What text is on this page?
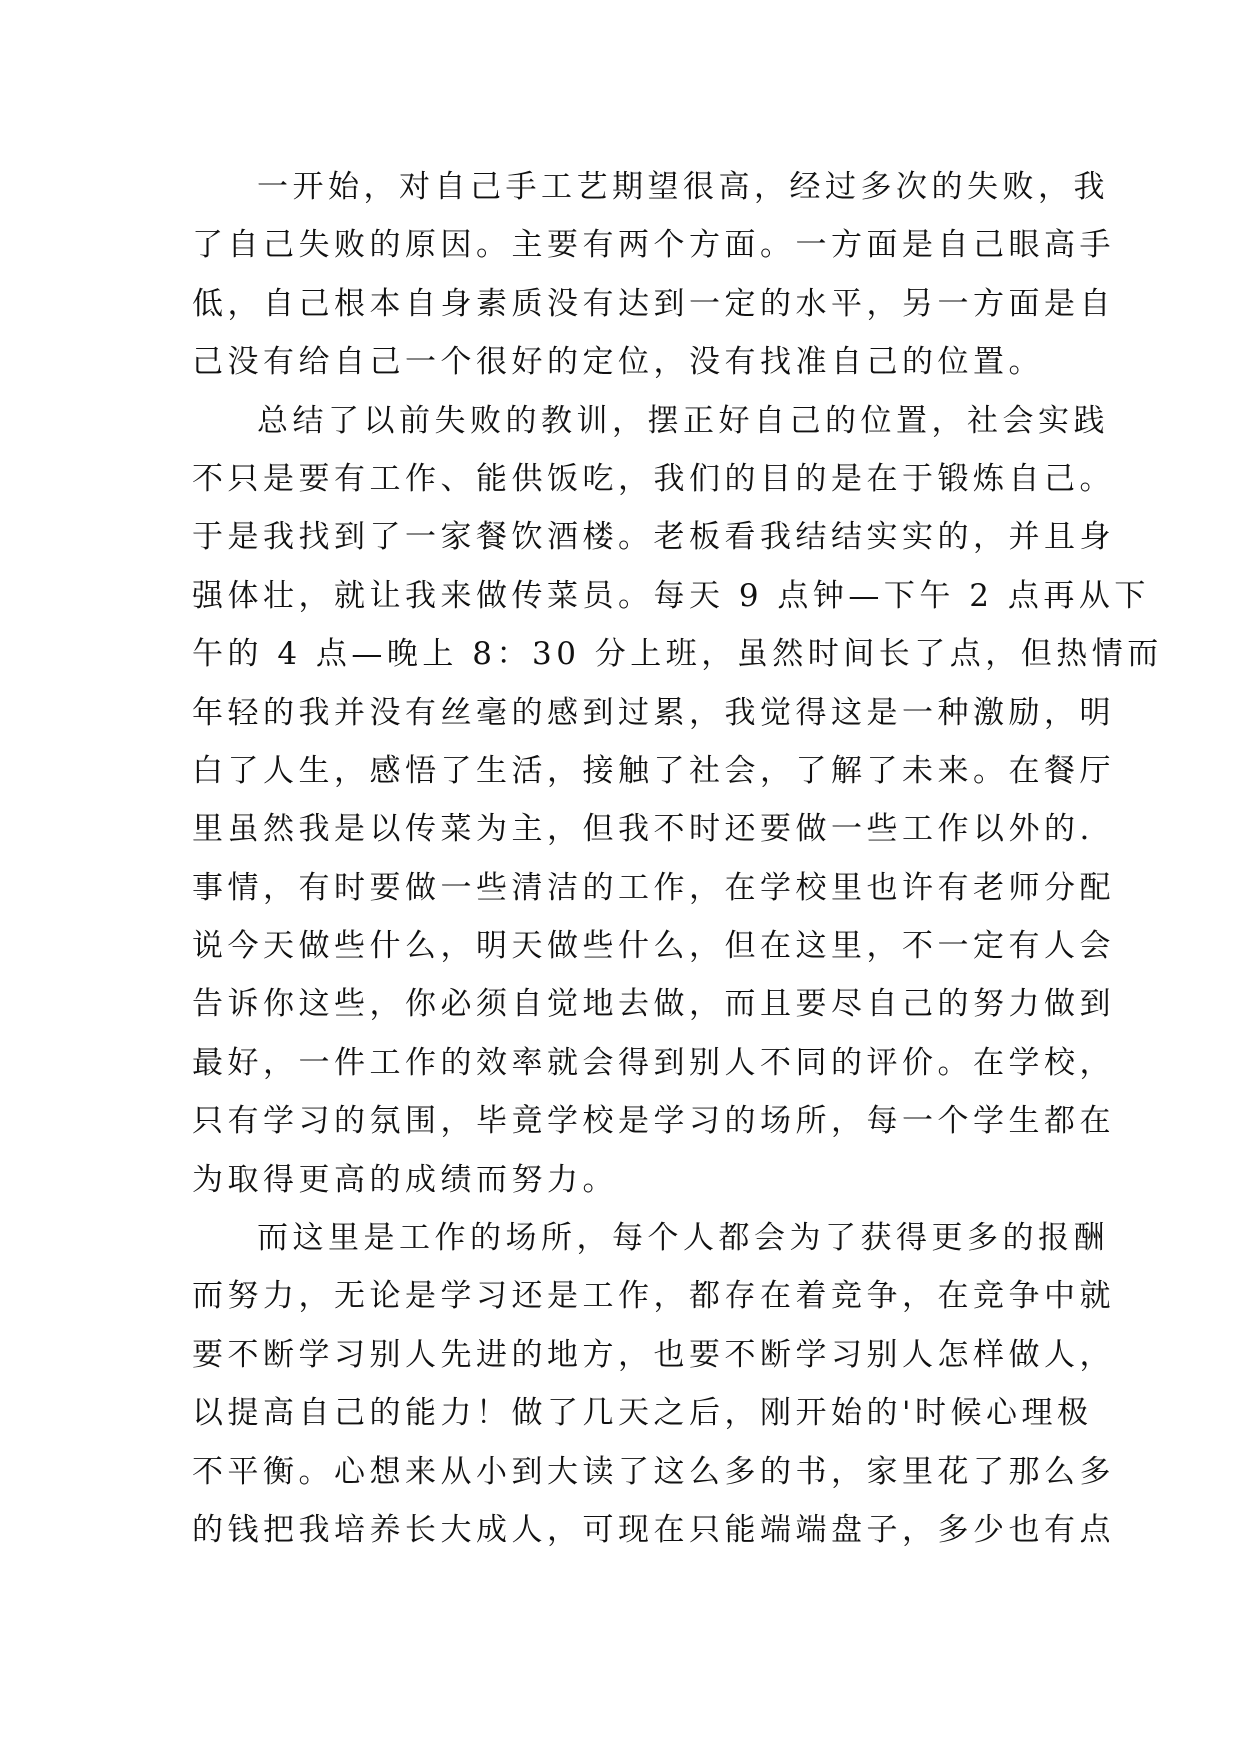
一开始，对自己手工艺期望很高，经过多次的失败，我
了自己失败的原因。主要有两个方面。一方面是自己眼高手
低，自己根本自身素质没有达到一定的水平，另一方面是自
己没有给自己一个很好的定位，没有找准自己的位置。
总结了以前失败的教训，摆正好自己的位置，社会实践
不只是要有工作、能供饭吃，我们的目的是在于锻炼自己。
于是我找到了一家餐饮酒楼。老板看我结结实实的，并且身
强体壮，就让我来做传菜员。每天 9 点钟—下午 2 点再从下
午的 4 点—晚上 8：30 分上班，虽然时间长了点，但热情而
年轻的我并没有丝毫的感到过累，我觉得这是一种激励，明
白了人生，感悟了生活，接触了社会，了解了未来。在餐厅
里虽然我是以传菜为主，但我不时还要做一些工作以外的.
事情，有时要做一些清洁的工作，在学校里也许有老师分配
说今天做些什么，明天做些什么，但在这里，不一定有人会
告诉你这些，你必须自觉地去做，而且要尽自己的努力做到
最好，一件工作的效率就会得到别人不同的评价。在学校，
只有学习的氛围，毕竟学校是学习的场所，每一个学生都在
为取得更高的成绩而努力。
而这里是工作的场所，每个人都会为了获得更多的报酬
而努力，无论是学习还是工作，都存在着竞争，在竞争中就
要不断学习别人先进的地方，也要不断学习别人怎样做人，
以提高自己的能力！做了几天之后，刚开始的'时候心理极
不平衡。心想来从小到大读了这么多的书，家里花了那么多
的钱把我培养长大成人，可现在只能端端盘子，多少也有点
